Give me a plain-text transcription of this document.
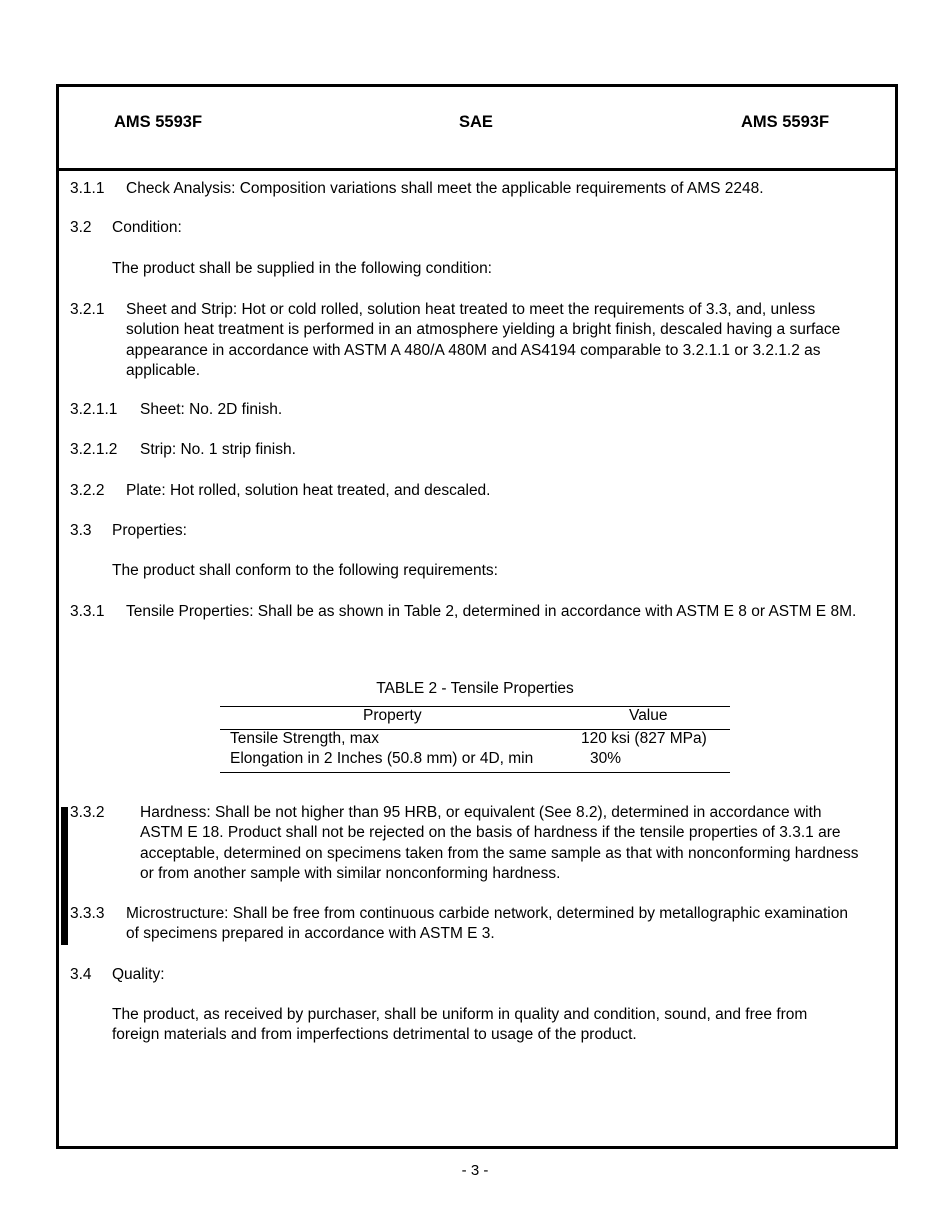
AMS 5593F	SAE	AMS 5593F
3.1.1 Check Analysis: Composition variations shall meet the applicable requirements of AMS 2248.
3.2 Condition:
The product shall be supplied in the following condition:
3.2.1 Sheet and Strip: Hot or cold rolled, solution heat treated to meet the requirements of 3.3, and, unless solution heat treatment is performed in an atmosphere yielding a bright finish, descaled having a surface appearance in accordance with ASTM A 480/A 480M and AS4194 comparable to 3.2.1.1 or 3.2.1.2 as applicable.
3.2.1.1 Sheet: No. 2D finish.
3.2.1.2 Strip: No. 1 strip finish.
3.2.2 Plate: Hot rolled, solution heat treated, and descaled.
3.3 Properties:
The product shall conform to the following requirements:
3.3.1 Tensile Properties: Shall be as shown in Table 2, determined in accordance with ASTM E 8 or ASTM E 8M.
TABLE 2 - Tensile Properties
Property	Value
Tensile Strength, max	120 ksi (827 MPa)
Elongation in 2 Inches (50.8 mm) or 4D, min	30%
3.3.2 Hardness: Shall be not higher than 95 HRB, or equivalent (See 8.2), determined in accordance with ASTM E 18. Product shall not be rejected on the basis of hardness if the tensile properties of 3.3.1 are acceptable, determined on specimens taken from the same sample as that with nonconforming hardness or from another sample with similar nonconforming hardness.
3.3.3 Microstructure: Shall be free from continuous carbide network, determined by metallographic examination of specimens prepared in accordance with ASTM E 3.
3.4 Quality:
The product, as received by purchaser, shall be uniform in quality and condition, sound, and free from foreign materials and from imperfections detrimental to usage of the product.
- 3 -
